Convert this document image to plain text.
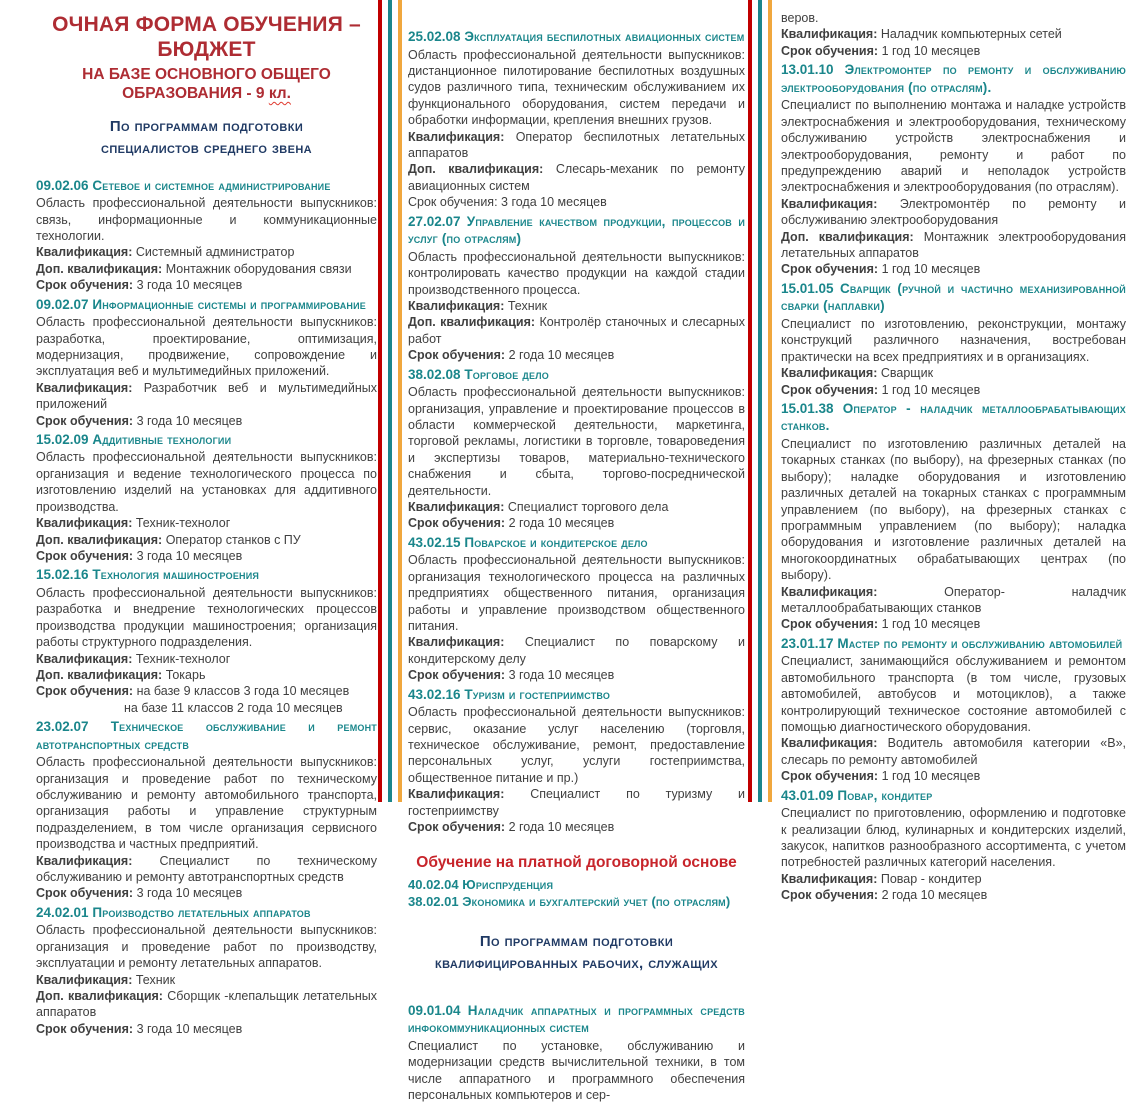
ОЧНАЯ ФОРМА ОБУЧЕНИЯ – БЮДЖЕТ
НА БАЗЕ ОСНОВНОГО ОБЩЕГО ОБРАЗОВАНИЯ - 9 кл.
По программам подготовки
специалистов среднего звена
09.02.06 Сетевое и системное администрирование

Область профессиональной деятельности выпускников: связь, информационные и коммуникационные технологии.

Квалификация: Системный администратор

Доп. квалификация: Монтажник оборудования связи

Срок обучения: 3 года 10 месяцев

09.02.07 Информационные системы и программирование

Область профессиональной деятельности выпускников: разработка, проектирование, оптимизация, модернизация, продвижение, сопровождение и эксплуатация веб и мультимедийных приложений.

Квалификация: Разработчик веб и мультимедийных приложений

Срок обучения: 3 года 10 месяцев

15.02.09 Аддитивные технологии

Область профессиональной деятельности выпускников: организация и ведение технологического процесса по изготовлению изделий на установках для аддитивного производства.

Квалификация: Техник-технолог

Доп. квалификация: Оператор станков с ПУ

Срок обучения: 3 года 10 месяцев

15.02.16 Технология машиностроения

Область профессиональной деятельности выпускников: разработка и внедрение технологических процессов производства продукции машиностроения; организация работы структурного подразделения.

Квалификация: Техник-технолог

Доп. квалификация: Токарь

Срок обучения: на базе 9 классов 3 года 10 месяцев

на базе 11 классов 2 года 10 месяцев

23.02.07 Техническое обслуживание и ремонт автотранспортных средств

Область профессиональной деятельности выпускников: организация и проведение работ по техническому обслуживанию и ремонту автомобильного транспорта, организация работы и управление структурным подразделением, в том числе организация сервисного производства и частных предприятий.

Квалификация: Специалист по техническому обслуживанию и ремонту автотранспортных средств

Срок обучения: 3 года 10 месяцев

24.02.01 Производство летательных аппаратов

Область профессиональной деятельности выпускников: организация и проведение работ по производству, эксплуатации и ремонту летательных аппаратов.

Квалификация: Техник

Доп. квалификация: Сборщик -клепальщик летательных аппаратов

Срок обучения: 3 года 10 месяцев

25.02.08 Эксплуатация беспилотных авиационных систем

Область профессиональной деятельности выпускников: дистанционное пилотирование беспилотных воздушных судов различного типа, техническим обслуживанием их функционального оборудования, систем передачи и обработки информации, крепления внешних грузов.

Квалификация: Оператор беспилотных летательных аппаратов

Доп. квалификация: Слесарь-механик по ремонту авиационных систем

Срок обучения: 3 года 10 месяцев

27.02.07 Управление качеством продукции, процессов и услуг (по отраслям)

Область профессиональной деятельности выпускников: контролировать качество продукции на каждой стадии производственного процесса.

Квалификация: Техник

Доп. квалификация: Контролёр станочных и слесарных работ

Срок обучения: 2 года 10 месяцев

38.02.08 Торговое дело

Область профессиональной деятельности выпускников: организация, управление и проектирование процессов в области коммерческой деятельности, маркетинга, торговой рекламы, логистики в торговле, товароведения и экспертизы товаров, материально-технического снабжения и сбыта, торгово-посреднической деятельности.

Квалификация: Специалист торгового дела

Срок обучения: 2 года 10 месяцев

43.02.15 Поварское и кондитерское дело

Область профессиональной деятельности выпускников: организация технологического процесса на различных предприятиях общественного питания, организация работы и управление производством общественного питания.

Квалификация: Специалист по поварскому и кондитерскому делу

Срок обучения: 3 года 10 месяцев

43.02.16 Туризм и гостеприимство

Область профессиональной деятельности выпускников: сервис, оказание услуг населению (торговля, техническое обслуживание, ремонт, предоставление персональных услуг, услуги гостеприимства, общественное питание и пр.)

Квалификация: Специалист по туризму и гостеприимству

Срок обучения: 2 года 10 месяцев

Обучение на платной договорной основе
40.02.04 Юриспруденция
38.02.01 Экономика и бухгалтерский учет (по отраслям)
По программам подготовки
квалифицированных рабочих, служащих
09.01.04 Наладчик аппаратных и программных средств инфокоммуникационных систем

Специалист по установке, обслуживанию и модернизации средств вычислительной техники, в том числе аппаратного и программного обеспечения персональных компьютеров и сер-

веров.

Квалификация: Наладчик компьютерных сетей

Срок обучения: 1 год 10 месяцев

13.01.10 Электромонтер по ремонту и обслуживанию электрооборудования (по отраслям).

Специалист по выполнению монтажа и наладке устройств электроснабжения и электрооборудования, техническому обслуживанию устройств электроснабжения и электрооборудования, ремонту и работ по предупреждению аварий и неполадок устройств электроснабжения и электрооборудования (по отраслям).

Квалификация: Электромонтёр по ремонту и обслуживанию электрооборудования

Доп. квалификация: Монтажник электрооборудования летательных аппаратов

Срок обучения: 1 год 10 месяцев

15.01.05 Сварщик (ручной и частично механизированной сварки (наплавки)

Специалист по изготовлению, реконструкции, монтажу конструкций различного назначения, востребован практически на всех предприятиях и в организациях.

Квалификация: Сварщик

Срок обучения: 1 год 10 месяцев

15.01.38 Оператор - наладчик металлообрабатывающих станков.

Специалист по изготовлению различных деталей на токарных станках (по выбору), на фрезерных станках (по выбору); наладке оборудования и изготовлению различных деталей на токарных станках с программным управлением (по выбору), на фрезерных станках с программным управлением (по выбору); наладка оборудования и изготовление различных деталей на многокоординатных обрабатывающих центрах (по выбору).

Квалификация:	Оператор- наладчик металлообрабатывающих станков

Срок обучения: 1 год 10 месяцев

23.01.17 Мастер по ремонту и обслуживанию автомобилей

Специалист, занимающийся обслуживанием и ремонтом автомобильного транспорта (в том числе, грузовых автомобилей, автобусов и мотоциклов), а также контролирующий техническое состояние автомобилей с помощью диагностического оборудования.

Квалификация: Водитель автомобиля категории «В», слесарь по ремонту автомобилей

Срок обучения: 1 год 10 месяцев

43.01.09 Повар, кондитер

Специалист по приготовлению, оформлению и подготовке к реализации блюд, кулинарных и кондитерских изделий, закусок, напитков разнообразного ассортимента, с учетом потребностей различных категорий населения.

Квалификация: Повар - кондитер

Срок обучения: 2 года 10 месяцев
